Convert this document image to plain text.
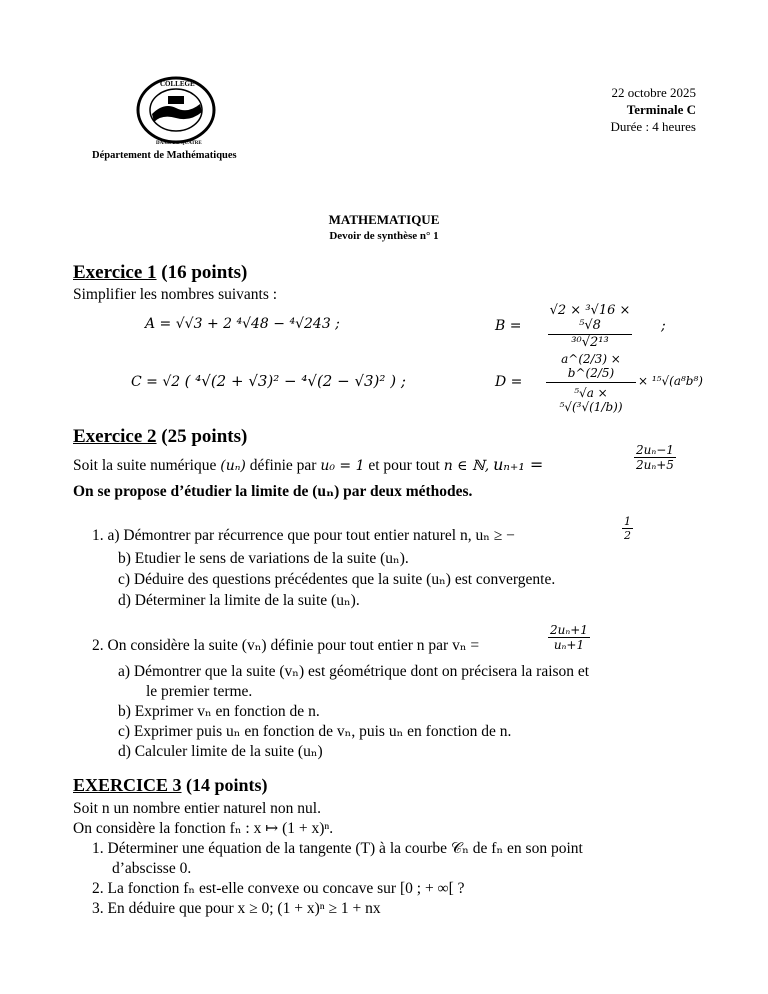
22 octobre 2025
Terminale C
Durée : 4 heures
COLLEGE
DAME DE QUATRE
Département de Mathématiques
MATHEMATIQUE
Devoir de synthèse n° 1
Exercice 1 (16 points)
Simplifier les nombres suivants :
A = √√3 + 2 ⁴√48 − ⁴√243 ;	$B = \frac{\text{√2 × ³√16 × ⁵√8}}{\text{³⁰√2¹³}}$ ;
C = √2 ( ⁴√(2 + √3)² − ⁴√(2 − √3)² ) ;	$D = \frac{a\^{}(2/3) \times b\^{}(2/5)}{\text{⁵√a × ⁵√(³√(1/b))}} \times ^{15}√(a^8b^8)$
Exercice 2 (25 points)
Soit la suite numérique (uₙ) définie par u₀ = 1 et pour tout n ∈ ℕ, uₙ₊₁ =	$\frac{\text{2uₙ−1}}{\text{2uₙ+5}}$
On se propose d’étudier la limite de (uₙ) par deux méthodes.
1. a) Démontrer par récurrence que pour tout entier naturel n, uₙ ≥ −	$\frac{1}{2}$
b) Etudier le sens de variations de la suite (uₙ).
c) Déduire des questions précédentes que la suite (uₙ) est convergente.
d) Déterminer la limite de la suite (uₙ).
2. On considère la suite (vₙ) définie pour tout entier n par vₙ =	$\frac{\text{2uₙ+1}}{\text{uₙ+1}}$
a) Démontrer que la suite (vₙ) est géométrique dont on précisera la raison et
le premier terme.
b) Exprimer vₙ en fonction de n.
c) Exprimer puis uₙ en fonction de vₙ, puis uₙ en fonction de n.
d) Calculer limite de la suite (uₙ)
EXERCICE 3 (14 points)
Soit n un nombre entier naturel non nul.
On considère la fonction fₙ : x ↦ (1 + x)ⁿ.
1. Déterminer une équation de la tangente (T) à la courbe 𝒞ₙ de fₙ en son point
d’abscisse 0.
2. La fonction fₙ est-elle convexe ou concave sur [0 ; + ∞[ ?
3. En déduire que pour x ≥ 0; (1 + x)ⁿ ≥ 1 + nx
